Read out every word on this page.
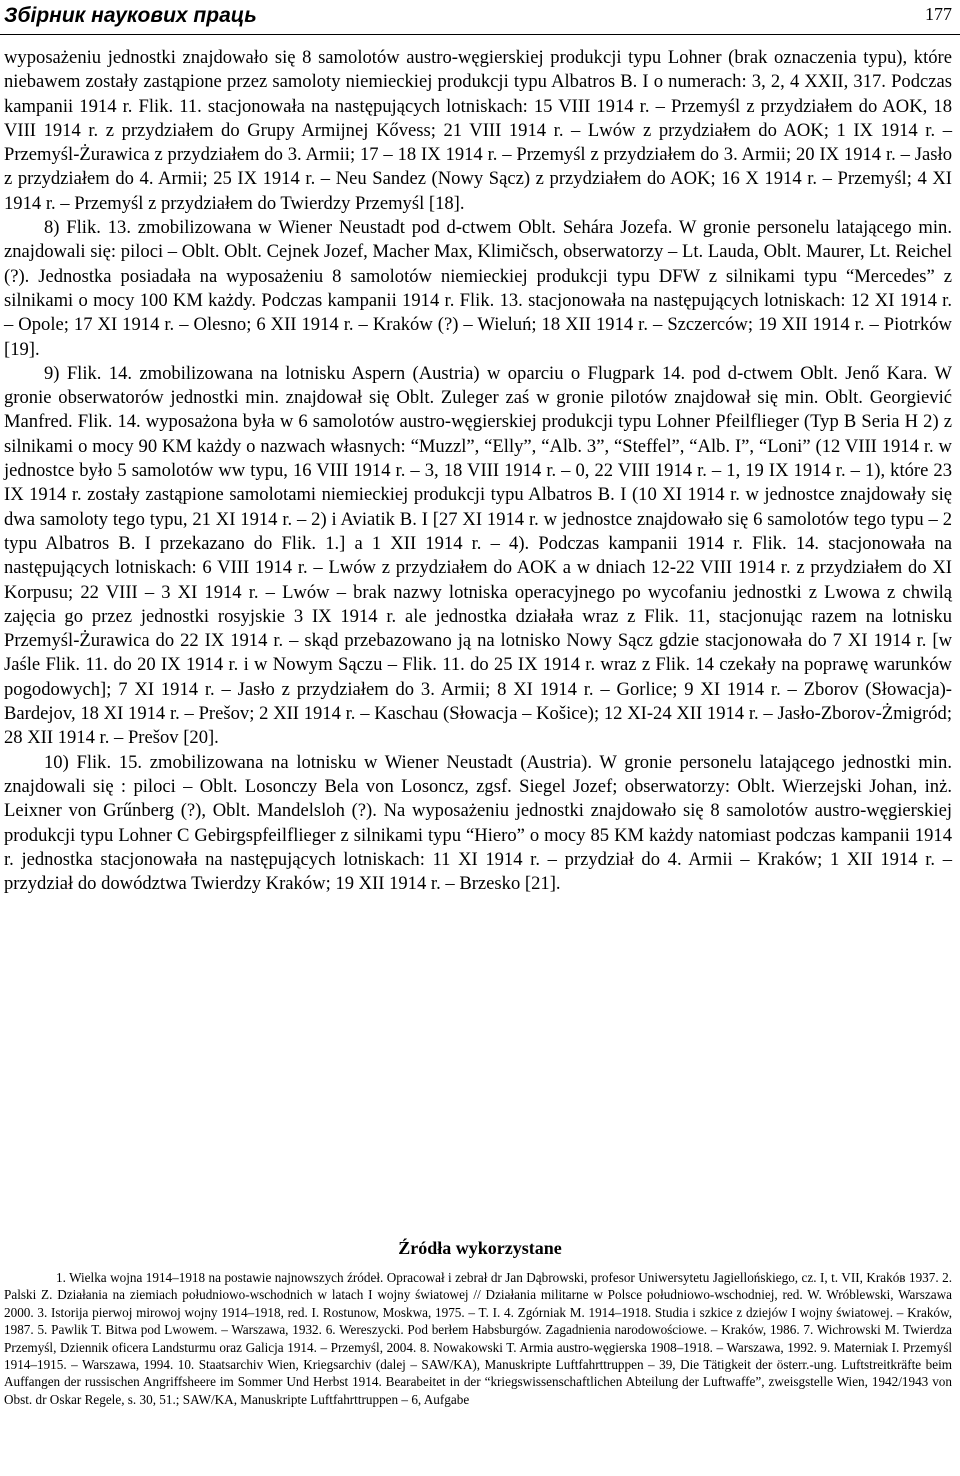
Збірник наукових праць	177

wyposażeniu jednostki znajdowało się 8 samolotów austro-węgierskiej produkcji typu Lohner (brak oznaczenia typu), które niebawem zostały zastąpione przez samoloty niemieckiej produkcji typu Albatros B. I o numerach: 3, 2, 4 XXII, 317. Podczas kampanii 1914 r. Flik. 11. stacjonowała na następujących lotniskach: 15 VIII 1914 r. – Przemyśl z przydziałem do AOK, 18 VIII 1914 r. z przydziałem do Grupy Armijnej Kővess; 21 VIII 1914 r. – Lwów z przydziałem do AOK; 1 IX 1914 r. – Przemyśl-Żurawica z przydziałem do 3. Armii; 17 – 18 IX 1914 r. – Przemyśl z przydziałem do 3. Armii; 20 IX 1914 r. – Jasło z przydziałem do 4. Armii; 25 IX 1914 r. – Neu Sandez (Nowy Sącz) z przydziałem do AOK; 16 X 1914 r. – Przemyśl; 4 XI 1914 r. – Przemyśl z przydziałem do Twierdzy Przemyśl [18].

8) Flik. 13. zmobilizowana w Wiener Neustadt pod d-ctwem Oblt. Sehára Jozefa. W gronie personelu latającego min. znajdowali się: piloci – Oblt. Oblt. Cejnek Jozef, Macher Max, Klimičsch, obserwatorzy – Lt. Lauda, Oblt. Maurer, Lt. Reichel (?). Jednostka posiadała na wyposażeniu 8 samolotów niemieckiej produkcji typu DFW z silnikami typu “Mercedes” z silnikami o mocy 100 KM każdy. Podczas kampanii 1914 r. Flik. 13. stacjonowała na następujących lotniskach: 12 XI 1914 r. – Opole; 17 XI 1914 r. – Olesno; 6 XII 1914 r. – Kraków (?) – Wieluń; 18 XII 1914 r. – Szczerców; 19 XII 1914 r. – Piotrków [19].

9) Flik. 14. zmobilizowana na lotnisku Aspern (Austria) w oparciu o Flugpark 14. pod d-ctwem Oblt. Jenő Kara. W gronie obserwatorów jednostki min. znajdował się Oblt. Zuleger zaś w gronie pilotów znajdował się min. Oblt. Georgiević Manfred. Flik. 14. wyposażona była w 6 samolotów austro-węgierskiej produkcji typu Lohner Pfeilflieger (Typ B Seria H 2) z silnikami o mocy 90 KM każdy o nazwach własnych: “Muzzl”, “Elly”, “Alb. 3”, “Steffel”, “Alb. I”, “Loni” (12 VIII 1914 r. w jednostce było 5 samolotów ww typu, 16 VIII 1914 r. – 3, 18 VIII 1914 r. – 0, 22 VIII 1914 r. – 1, 19 IX 1914 r. – 1), które 23 IX 1914 r. zostały zastąpione samolotami niemieckiej produkcji typu Albatros B. I (10 XI 1914 r. w jednostce znajdowały się dwa samoloty tego typu, 21 XI 1914 r. – 2) i Aviatik B. I [27 XI 1914 r. w jednostce znajdowało się 6 samolotów tego typu – 2 typu Albatros B. I przekazano do Flik. 1.] a 1 XII 1914 r. – 4). Podczas kampanii 1914 r. Flik. 14. stacjonowała na następujących lotniskach: 6 VIII 1914 r. – Lwów z przydziałem do AOK a w dniach 12-22 VIII 1914 r. z przydziałem do XI Korpusu; 22 VIII – 3 XI 1914 r. – Lwów – brak nazwy lotniska operacyjnego po wycofaniu jednostki z Lwowa z chwilą zajęcia go przez jednostki rosyjskie 3 IX 1914 r. ale jednostka działała wraz z Flik. 11, stacjonując razem na lotnisku Przemyśl-Żurawica do 22 IX 1914 r. – skąd przebazowano ją na lotnisko Nowy Sącz gdzie stacjonowała do 7 XI 1914 r. [w Jaśle Flik. 11. do 20 IX 1914 r. i w Nowym Sączu – Flik. 11. do 25 IX 1914 r. wraz z Flik. 14 czekały na poprawę warunków pogodowych]; 7 XI 1914 r. – Jasło z przydziałem do 3. Armii; 8 XI 1914 r. – Gorlice; 9 XI 1914 r. – Zborov (Słowacja)-Bardejov, 18 XI 1914 r. – Prešov; 2 XII 1914 r. – Kaschau (Słowacja – Košice); 12 XI-24 XII 1914 r. – Jasło-Zborov-Żmigród; 28 XII 1914 r. – Prešov [20].

10) Flik. 15. zmobilizowana na lotnisku w Wiener Neustadt (Austria). W gronie personelu latającego jednostki min. znajdowali się : piloci – Oblt. Losonczy Bela von Losoncz, zgsf. Siegel Jozef; obserwatorzy: Oblt. Wierzejski Johan, inż. Leixner von Grűnberg (?), Oblt. Mandelsloh (?). Na wyposażeniu jednostki znajdowało się 8 samolotów austro-węgierskiej produkcji typu Lohner C Gebirgspfeilflieger z silnikami typu “Hiero” o mocy 85 KM każdy natomiast podczas kampanii 1914 r. jednostka stacjonowała na następujących lotniskach: 11 XI 1914 r. – przydział do 4. Armii – Kraków; 1 XII 1914 r. – przydział do dowództwa Twierdzy Kraków; 19 XII 1914 r. – Brzesko [21].

Źródła wykorzystane

1. Wielka wojna 1914–1918 na postawie najnowszych źródeł. Opracował i zebrał dr Jan Dąbrowski, profesor Uniwersytetu Jagiellońskiego, cz. I, t. VII, Krakóв 1937. 2. Palski Z. Działania na ziemiach południowo-wschodnich w latach I wojny światowej // Działania militarne w Polsce południowo-wschodniej, red. W. Wróblewski, Warszawa 2000. 3. Istorija pierwoj mirowoj wojny 1914–1918, red. I. Rostunow, Moskwa, 1975. – T. I. 4. Zgórniak M. 1914–1918. Studia i szkice z dziejów I wojny światowej. – Kraków, 1987. 5. Pawlik T. Bitwa pod Lwowem. – Warszawa, 1932. 6. Wereszycki. Pod berłem Habsburgów. Zagadnienia narodowościowe. – Kraków, 1986. 7. Wichrowski M. Twierdza Przemyśl, Dziennik oficera Landsturmu oraz Galicja 1914. – Przemyśl, 2004. 8. Nowakowski T. Armia austro-węgierska 1908–1918. – Warszawa, 1992. 9. Materniak I. Przemyśl 1914–1915. – Warszawa, 1994. 10. Staatsarchiv Wien, Kriegsarchiv (dalej – SAW/KA), Manuskripte Luftfahrttruppen – 39, Die Tätigkeit der österr.-ung. Luftstreitkräfte beim Auffangen der russischen Angriffsheere im Sommer Und Herbst 1914. Bearabeitet in der “kriegswissenschaftlichen Abteilung der Luftwaffe”, zweisgstelle Wien, 1942/1943 von Obst. dr Oskar Regele, s. 30, 51.; SAW/KA, Manuskripte Luftfahrttruppen – 6, Aufgabe
